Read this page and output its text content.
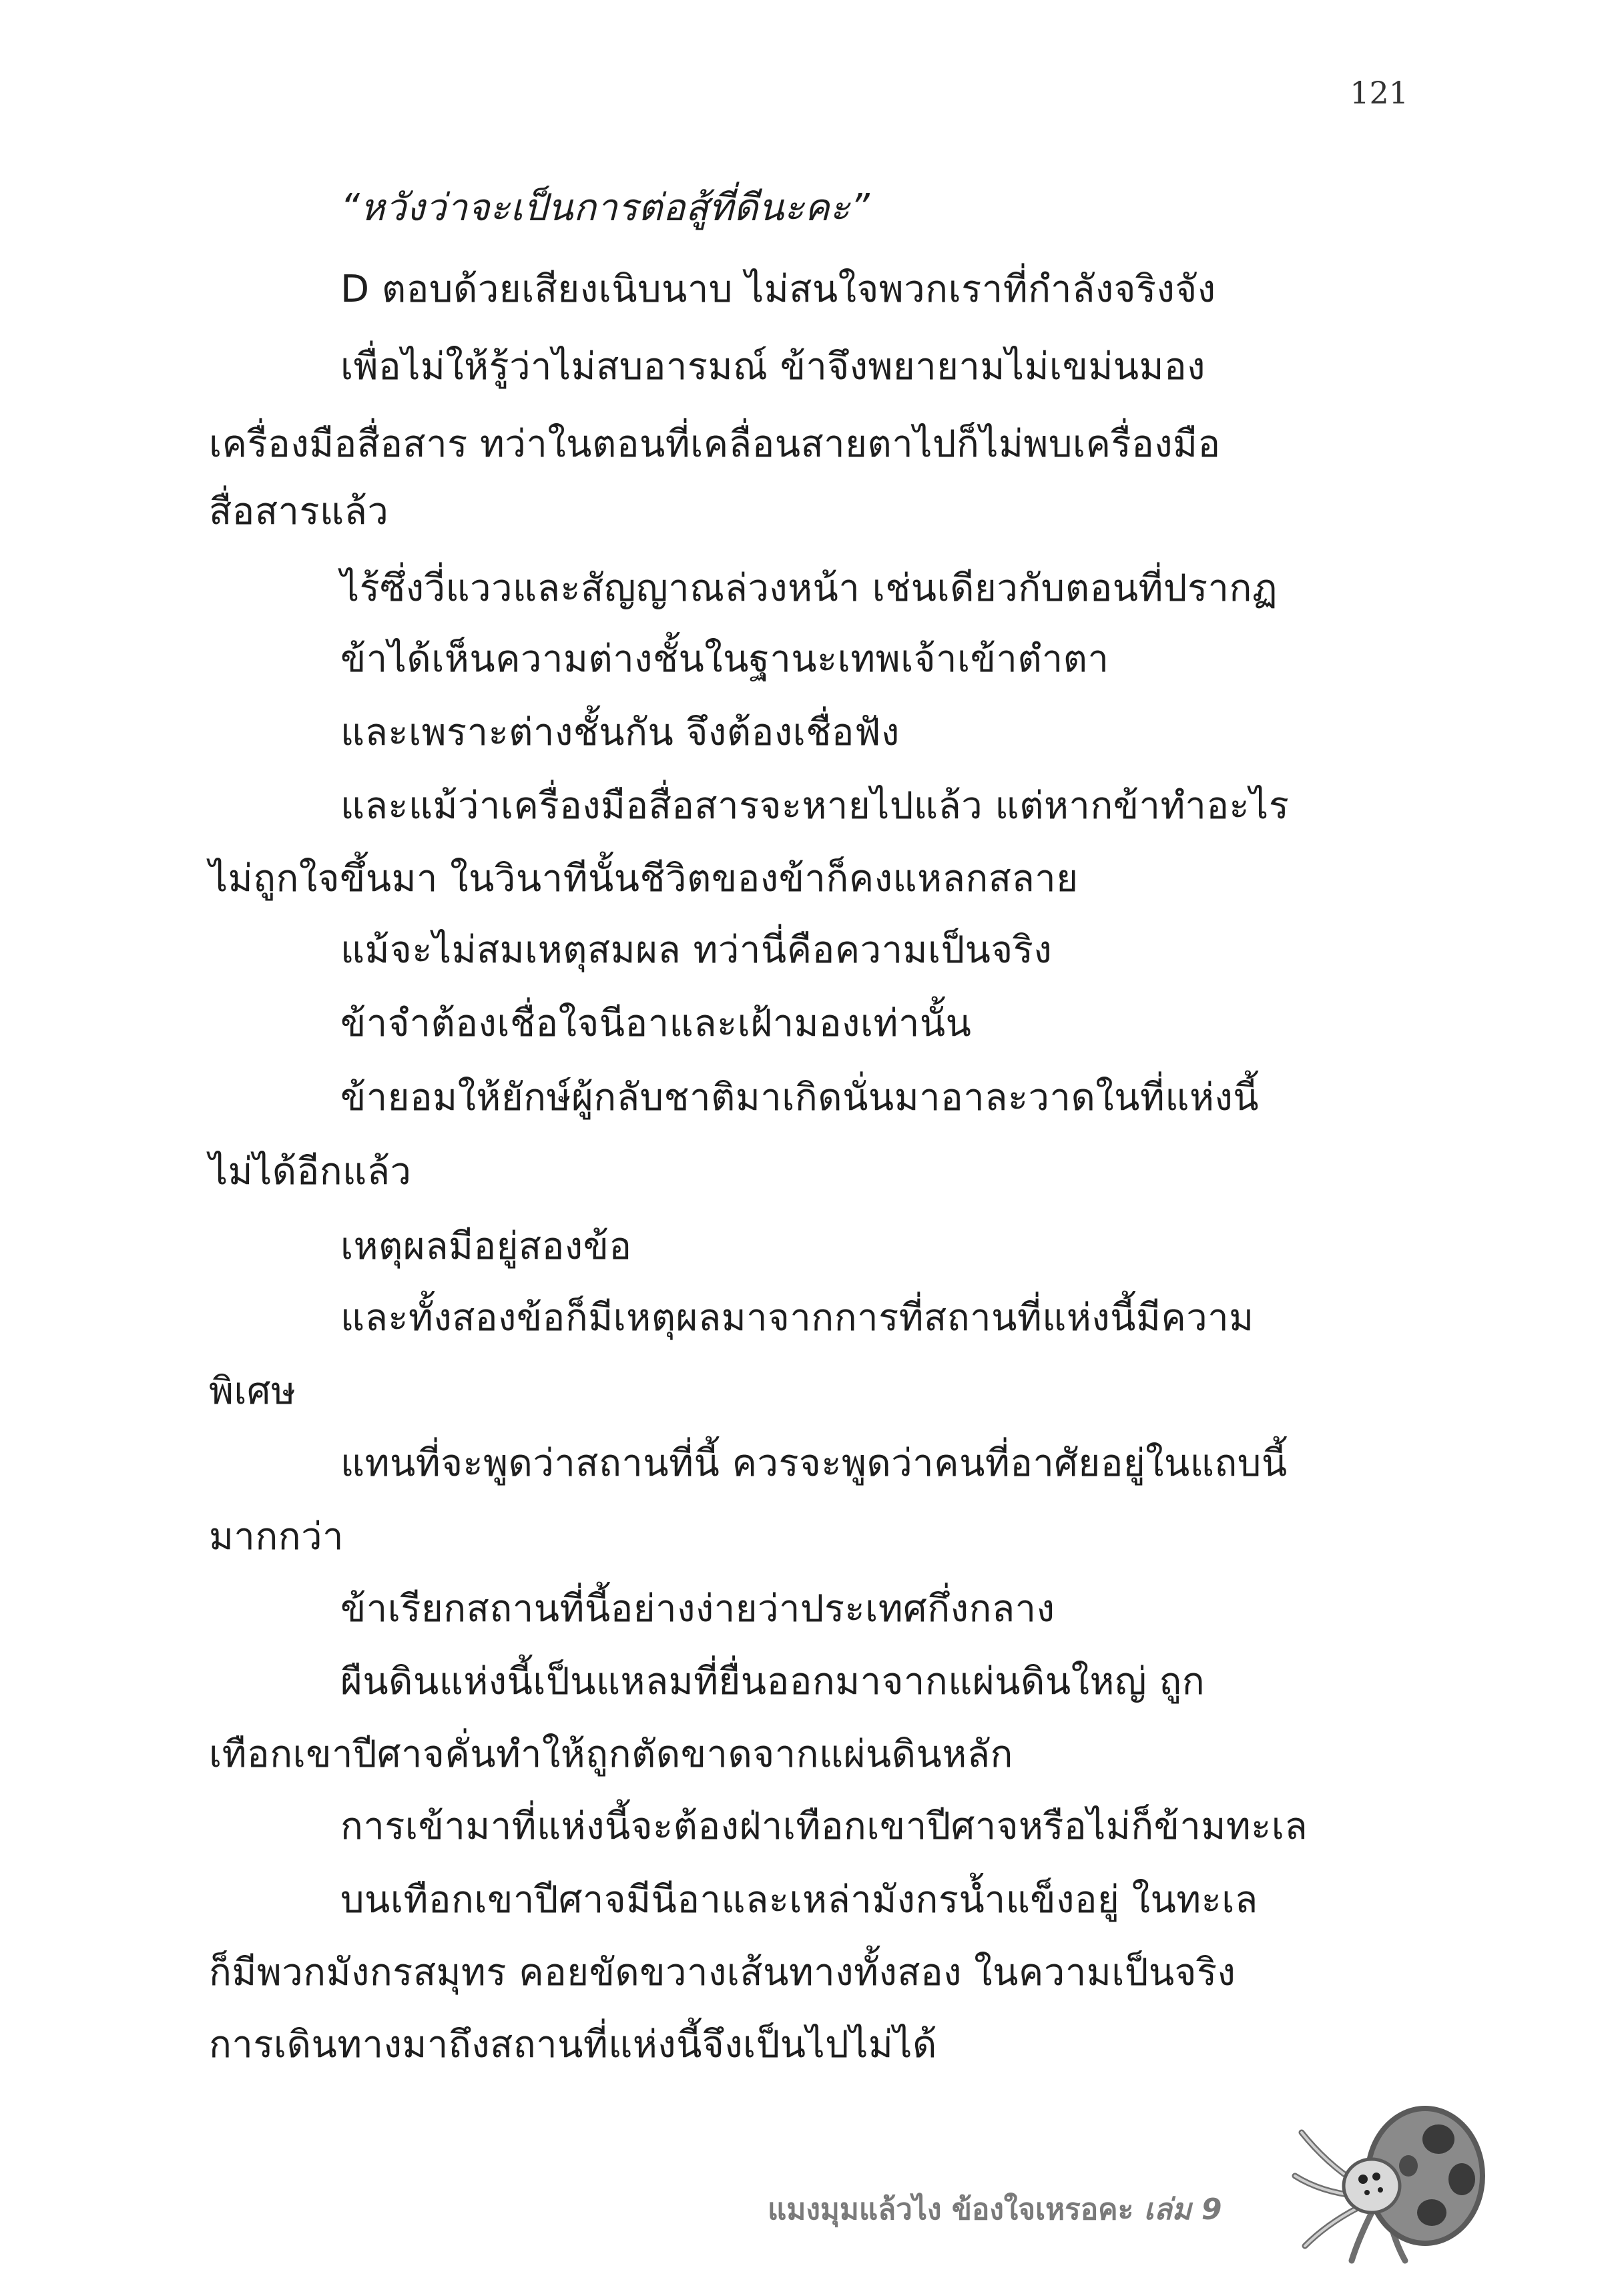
121
“หวังว่าจะเป็นการต่อสู้ที่ดีนะคะ”
D ตอบด้วยเสียงเนิบนาบ ไม่สนใจพวกเราที่กำลังจริงจัง
เพื่อไม่ให้รู้ว่าไม่สบอารมณ์ ข้าจึงพยายามไม่เขม่นมอง
เครื่องมือสื่อสาร ทว่าในตอนที่เคลื่อนสายตาไปก็ไม่พบเครื่องมือ
สื่อสารแล้ว
ไร้ซึ่งวี่แววและสัญญาณล่วงหน้า เช่นเดียวกับตอนที่ปรากฏ
ข้าได้เห็นความต่างชั้นในฐานะเทพเจ้าเข้าตำตา
และเพราะต่างชั้นกัน จึงต้องเชื่อฟัง
และแม้ว่าเครื่องมือสื่อสารจะหายไปแล้ว แต่หากข้าทำอะไร
ไม่ถูกใจขึ้นมา ในวินาทีนั้นชีวิตของข้าก็คงแหลกสลาย
แม้จะไม่สมเหตุสมผล ทว่านี่คือความเป็นจริง
ข้าจำต้องเชื่อใจนีอาและเฝ้ามองเท่านั้น
ข้ายอมให้ยักษ์ผู้กลับชาติมาเกิดนั่นมาอาละวาดในที่แห่งนี้
ไม่ได้อีกแล้ว
เหตุผลมีอยู่สองข้อ
และทั้งสองข้อก็มีเหตุผลมาจากการที่สถานที่แห่งนี้มีความ
พิเศษ
แทนที่จะพูดว่าสถานที่นี้ ควรจะพูดว่าคนที่อาศัยอยู่ในแถบนี้
มากกว่า
ข้าเรียกสถานที่นี้อย่างง่ายว่าประเทศกึ่งกลาง
ผืนดินแห่งนี้เป็นแหลมที่ยื่นออกมาจากแผ่นดินใหญ่ ถูก
เทือกเขาปีศาจคั่นทำให้ถูกตัดขาดจากแผ่นดินหลัก
การเข้ามาที่แห่งนี้จะต้องฝ่าเทือกเขาปีศาจหรือไม่ก็ข้ามทะเล
บนเทือกเขาปีศาจมีนีอาและเหล่ามังกรน้ำแข็งอยู่ ในทะเล
ก็มีพวกมังกรสมุทร คอยขัดขวางเส้นทางทั้งสอง ในความเป็นจริง
การเดินทางมาถึงสถานที่แห่งนี้จึงเป็นไปไม่ได้
แมงมุมแล้วไง ข้องใจเหรอคะ เล่ม 9
